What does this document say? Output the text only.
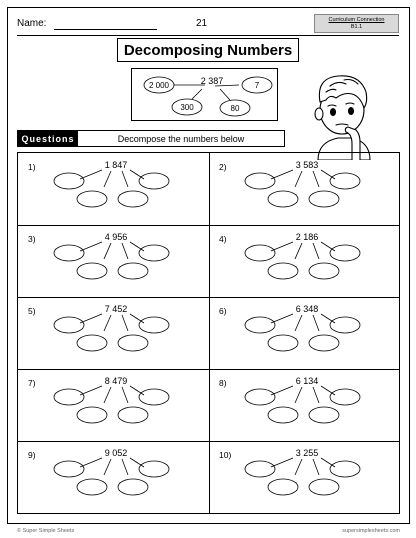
Name:	21	Curriculum Connection
B1.1
Decomposing Numbers
2 387
2 000	7
300	80
Questions	Decompose the numbers below
1)	1 847	2)	3 583
3)	4 956	4)	2 186
5)	7 452	6)	6 348
7)	8 479	8)	6 134
9)	9 052	10)	3 255
© Super Simple Sheets	supersimplesheets.com
